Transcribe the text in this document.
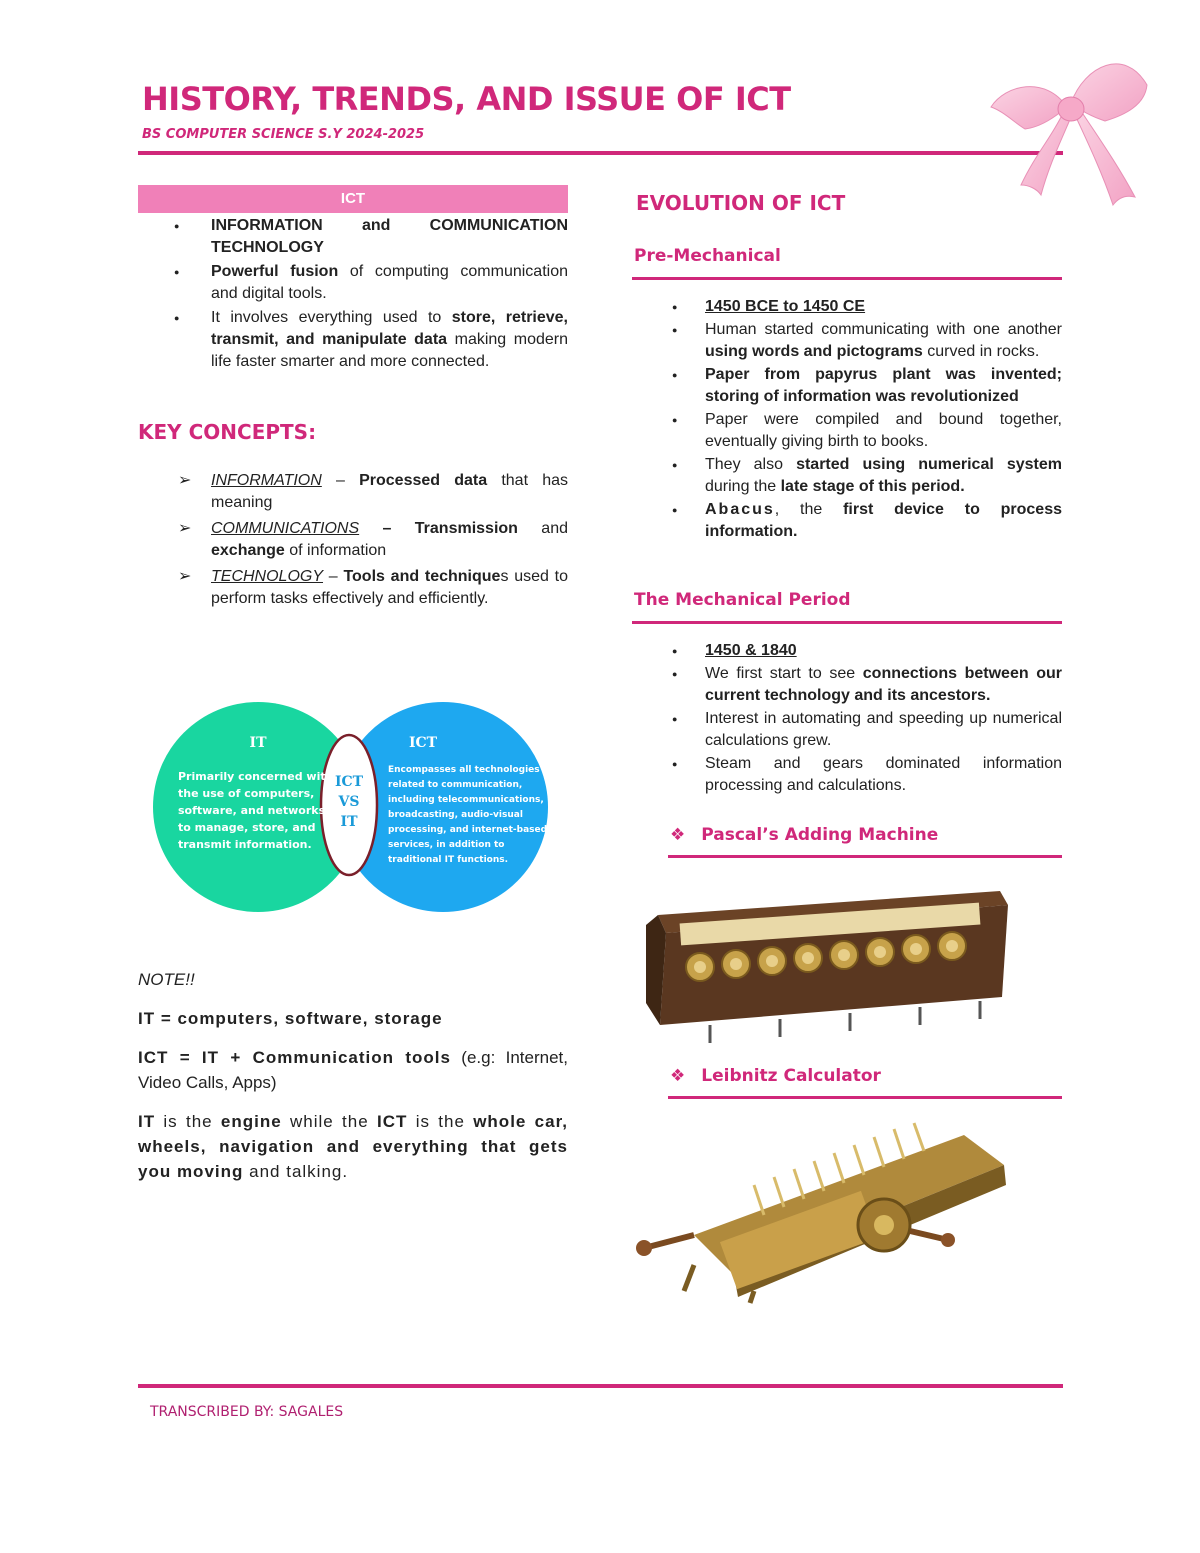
HISTORY, TRENDS, AND ISSUE OF ICT
BS COMPUTER SCIENCE S.Y 2024-2025
ICT
● INFORMATION and COMMUNICATION TECHNOLOGY
● Powerful fusion of computing communication and digital tools.
● It involves everything used to store, retrieve, transmit, and manipulate data making modern life faster smarter and more connected.
KEY CONCEPTS:
➢ INFORMATION – Processed data that has meaning
➢ COMMUNICATIONS – Transmission and exchange of information
➢ TECHNOLOGY – Tools and techniques used to perform tasks effectively and efficiently.
IT
Primarily concerned with
the use of computers,
software, and networks
to manage, store, and
transmit information.
ICT
VS
IT
ICT
Encompasses all technologies
related to communication,
including telecommunications,
broadcasting, audio-visual
processing, and internet-based
services, in addition to
traditional IT functions.

NOTE!!

IT = computers, software, storage

ICT = IT + Communication tools (e.g: Internet, Video Calls, Apps)

IT is the engine while the ICT is the whole car, wheels, navigation and everything that gets you moving and talking.

EVOLUTION OF ICT
Pre-Mechanical
● 1450 BCE to 1450 CE
● Human started communicating with one another using words and pictograms curved in rocks.
● Paper from papyrus plant was invented; storing of information was revolutionized
● Paper were compiled and bound together, eventually giving birth to books.
● They also started using numerical system during the late stage of this period.
● Abacus, the first device to process information.
The Mechanical Period
● 1450 & 1840
● We first start to see connections between our current technology and its ancestors.
● Interest in automating and speeding up numerical calculations grew.
● Steam and gears dominated information processing and calculations.
❖ Pascal’s Adding Machine
❖ Leibnitz Calculator
TRANSCRIBED BY: SAGALES
